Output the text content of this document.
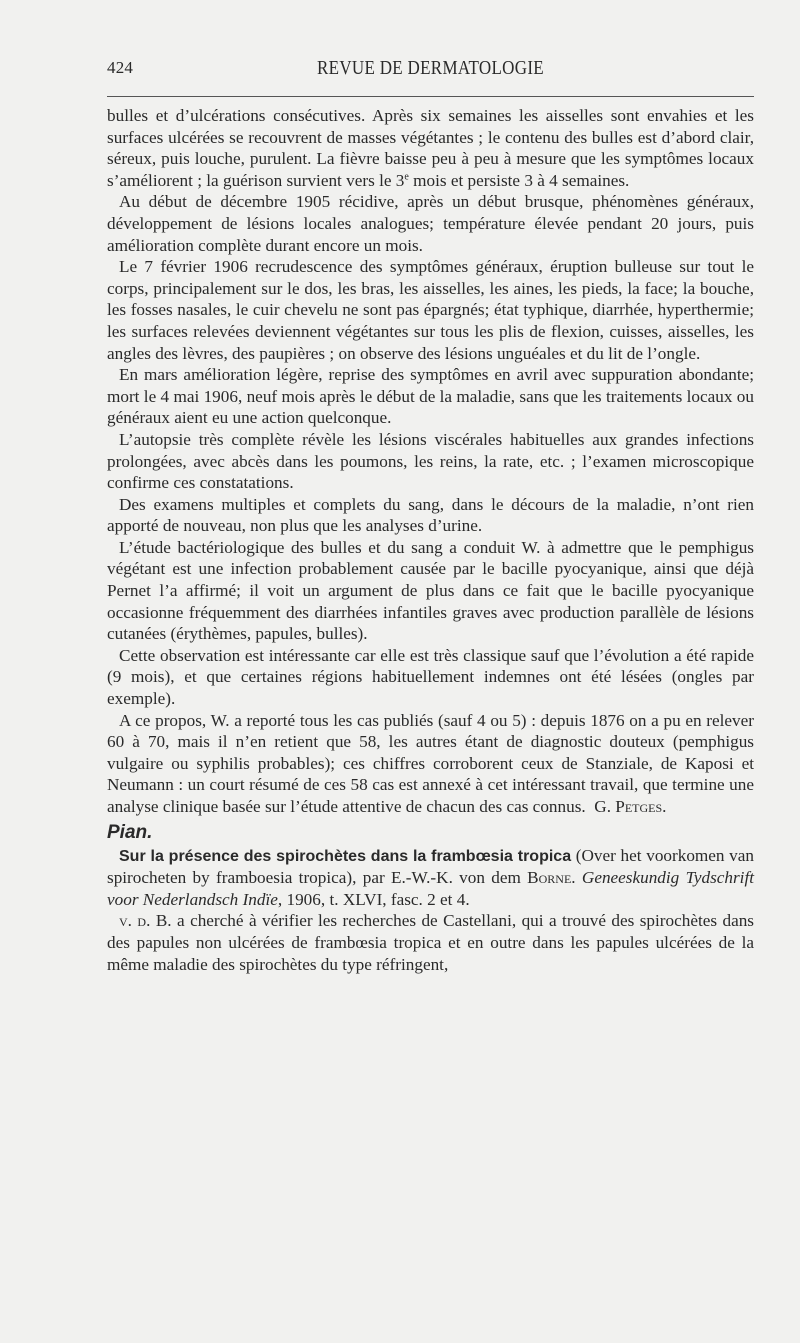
424	REVUE DE DERMATOLOGIE

bulles et d’ulcérations consécutives. Après six semaines les aisselles sont envahies et les surfaces ulcérées se recouvrent de masses végétantes ; le contenu des bulles est d’abord clair, séreux, puis louche, purulent. La fièvre baisse peu à peu à mesure que les symptômes locaux s’améliorent ; la guérison survient vers le 3e mois et persiste 3 à 4 semaines.

Au début de décembre 1905 récidive, après un début brusque, phénomènes généraux, développement de lésions locales analogues; température élevée pendant 20 jours, puis amélioration complète durant encore un mois.

Le 7 février 1906 recrudescence des symptômes généraux, éruption bulleuse sur tout le corps, principalement sur le dos, les bras, les aisselles, les aines, les pieds, la face; la bouche, les fosses nasales, le cuir chevelu ne sont pas épargnés; état typhique, diarrhée, hyperthermie; les surfaces relevées deviennent végétantes sur tous les plis de flexion, cuisses, aisselles, les angles des lèvres, des paupières ; on observe des lésions unguéales et du lit de l’ongle.

En mars amélioration légère, reprise des symptômes en avril avec suppuration abondante; mort le 4 mai 1906, neuf mois après le début de la maladie, sans que les traitements locaux ou généraux aient eu une action quelconque.

L’autopsie très complète révèle les lésions viscérales habituelles aux grandes infections prolongées, avec abcès dans les poumons, les reins, la rate, etc. ; l’examen microscopique confirme ces constatations.

Des examens multiples et complets du sang, dans le décours de la maladie, n’ont rien apporté de nouveau, non plus que les analyses d’urine.

L’étude bactériologique des bulles et du sang a conduit W. à admettre que le pemphigus végétant est une infection probablement causée par le bacille pyocyanique, ainsi que déjà Pernet l’a affirmé; il voit un argument de plus dans ce fait que le bacille pyocyanique occasionne fréquemment des diarrhées infantiles graves avec production parallèle de lésions cutanées (érythèmes, papules, bulles).

Cette observation est intéressante car elle est très classique sauf que l’évolution a été rapide (9 mois), et que certaines régions habituellement indemnes ont été lésées (ongles par exemple).

A ce propos, W. a reporté tous les cas publiés (sauf 4 ou 5) : depuis 1876 on a pu en relever 60 à 70, mais il n’en retient que 58, les autres étant de diagnostic douteux (pemphigus vulgaire ou syphilis probables); ces chiffres corroborent ceux de Stanziale, de Kaposi et Neumann : un court résumé de ces 58 cas est annexé à cet intéressant travail, que termine une analyse clinique basée sur l’étude attentive de chacun des cas connus. G. Petges.

Pian.

Sur la présence des spirochètes dans la frambœsia tropica (Over het voorkomen van spirocheten by framboesia tropica), par E.-W.-K. von dem Borne. Geneeskundig Tydschrift voor Nederlandsch Indïe, 1906, t. XLVI, fasc. 2 et 4.

v. d. B. a cherché à vérifier les recherches de Castellani, qui a trouvé des spirochètes dans des papules non ulcérées de frambœsia tropica et en outre dans les papules ulcérées de la même maladie des spirochètes du type réfringent,
